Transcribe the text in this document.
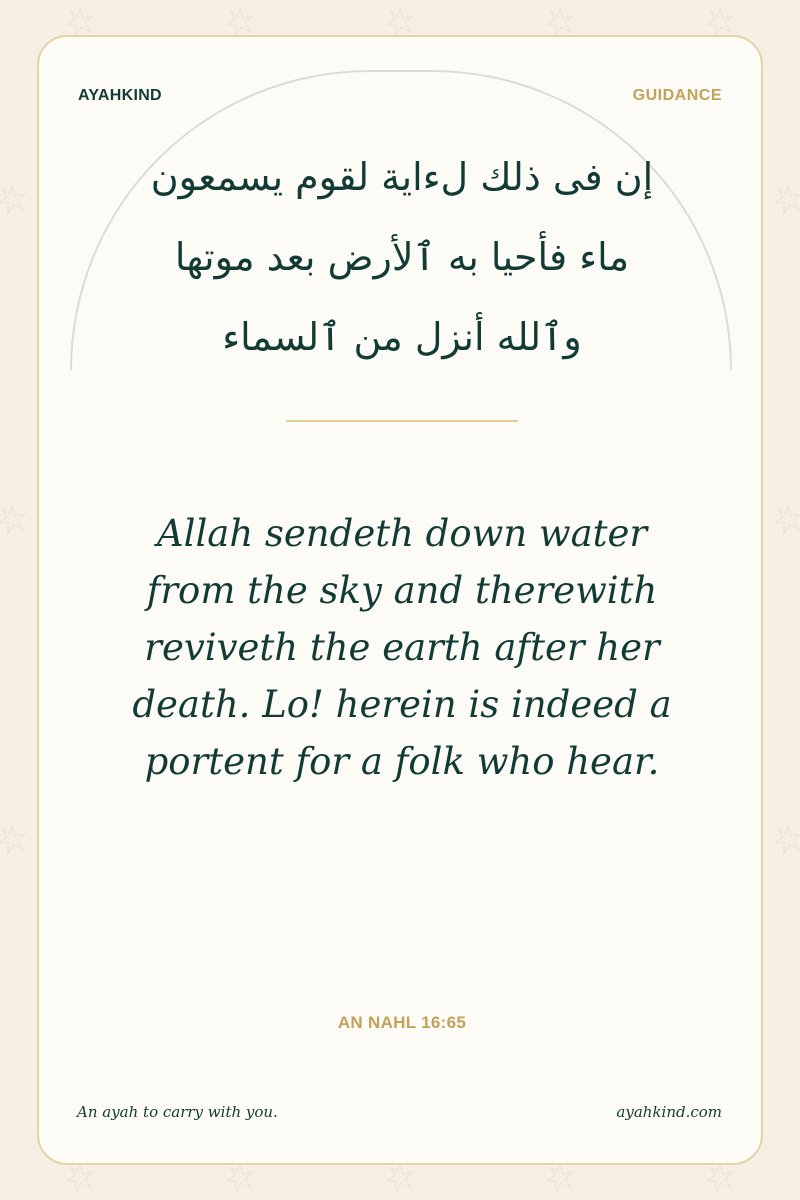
AYAHKIND	GUIDANCE

إن فى ذلك لءاية لقوم يسمعون
ماء فأحيا به ٱلأرض بعد موتها
وٱلله أنزل من ٱلسماء

Allah sendeth down water
from the sky and therewith
reviveth the earth after her
death. Lo! herein is indeed a
portent for a folk who hear.

AN NAHL 16:65
An ayah to carry with you.	ayahkind.com
